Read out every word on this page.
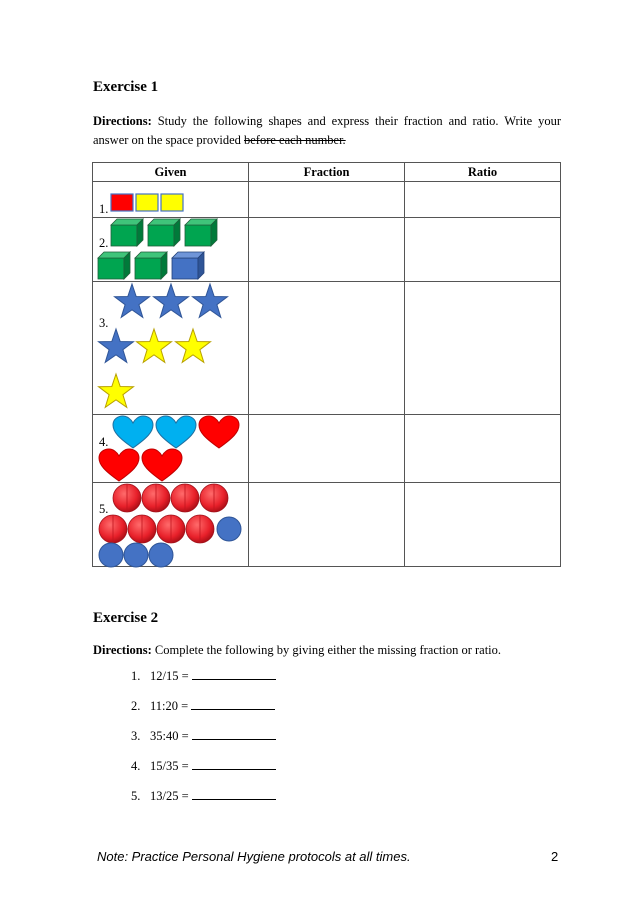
Exercise 1
Directions: Study the following shapes and express their fraction and ratio. Write your answer on the space provided before each number.
Given	Fraction	Ratio

1.		

2.		

3.		

4.		

5.		

Exercise 2
Directions: Complete the following by giving either the missing fraction or ratio.
1. 12/15 =
2. 11:20 =
3. 35:40 =
4. 15/35 =
5. 13/25 =
Note: Practice Personal Hygiene protocols at all times.	2
